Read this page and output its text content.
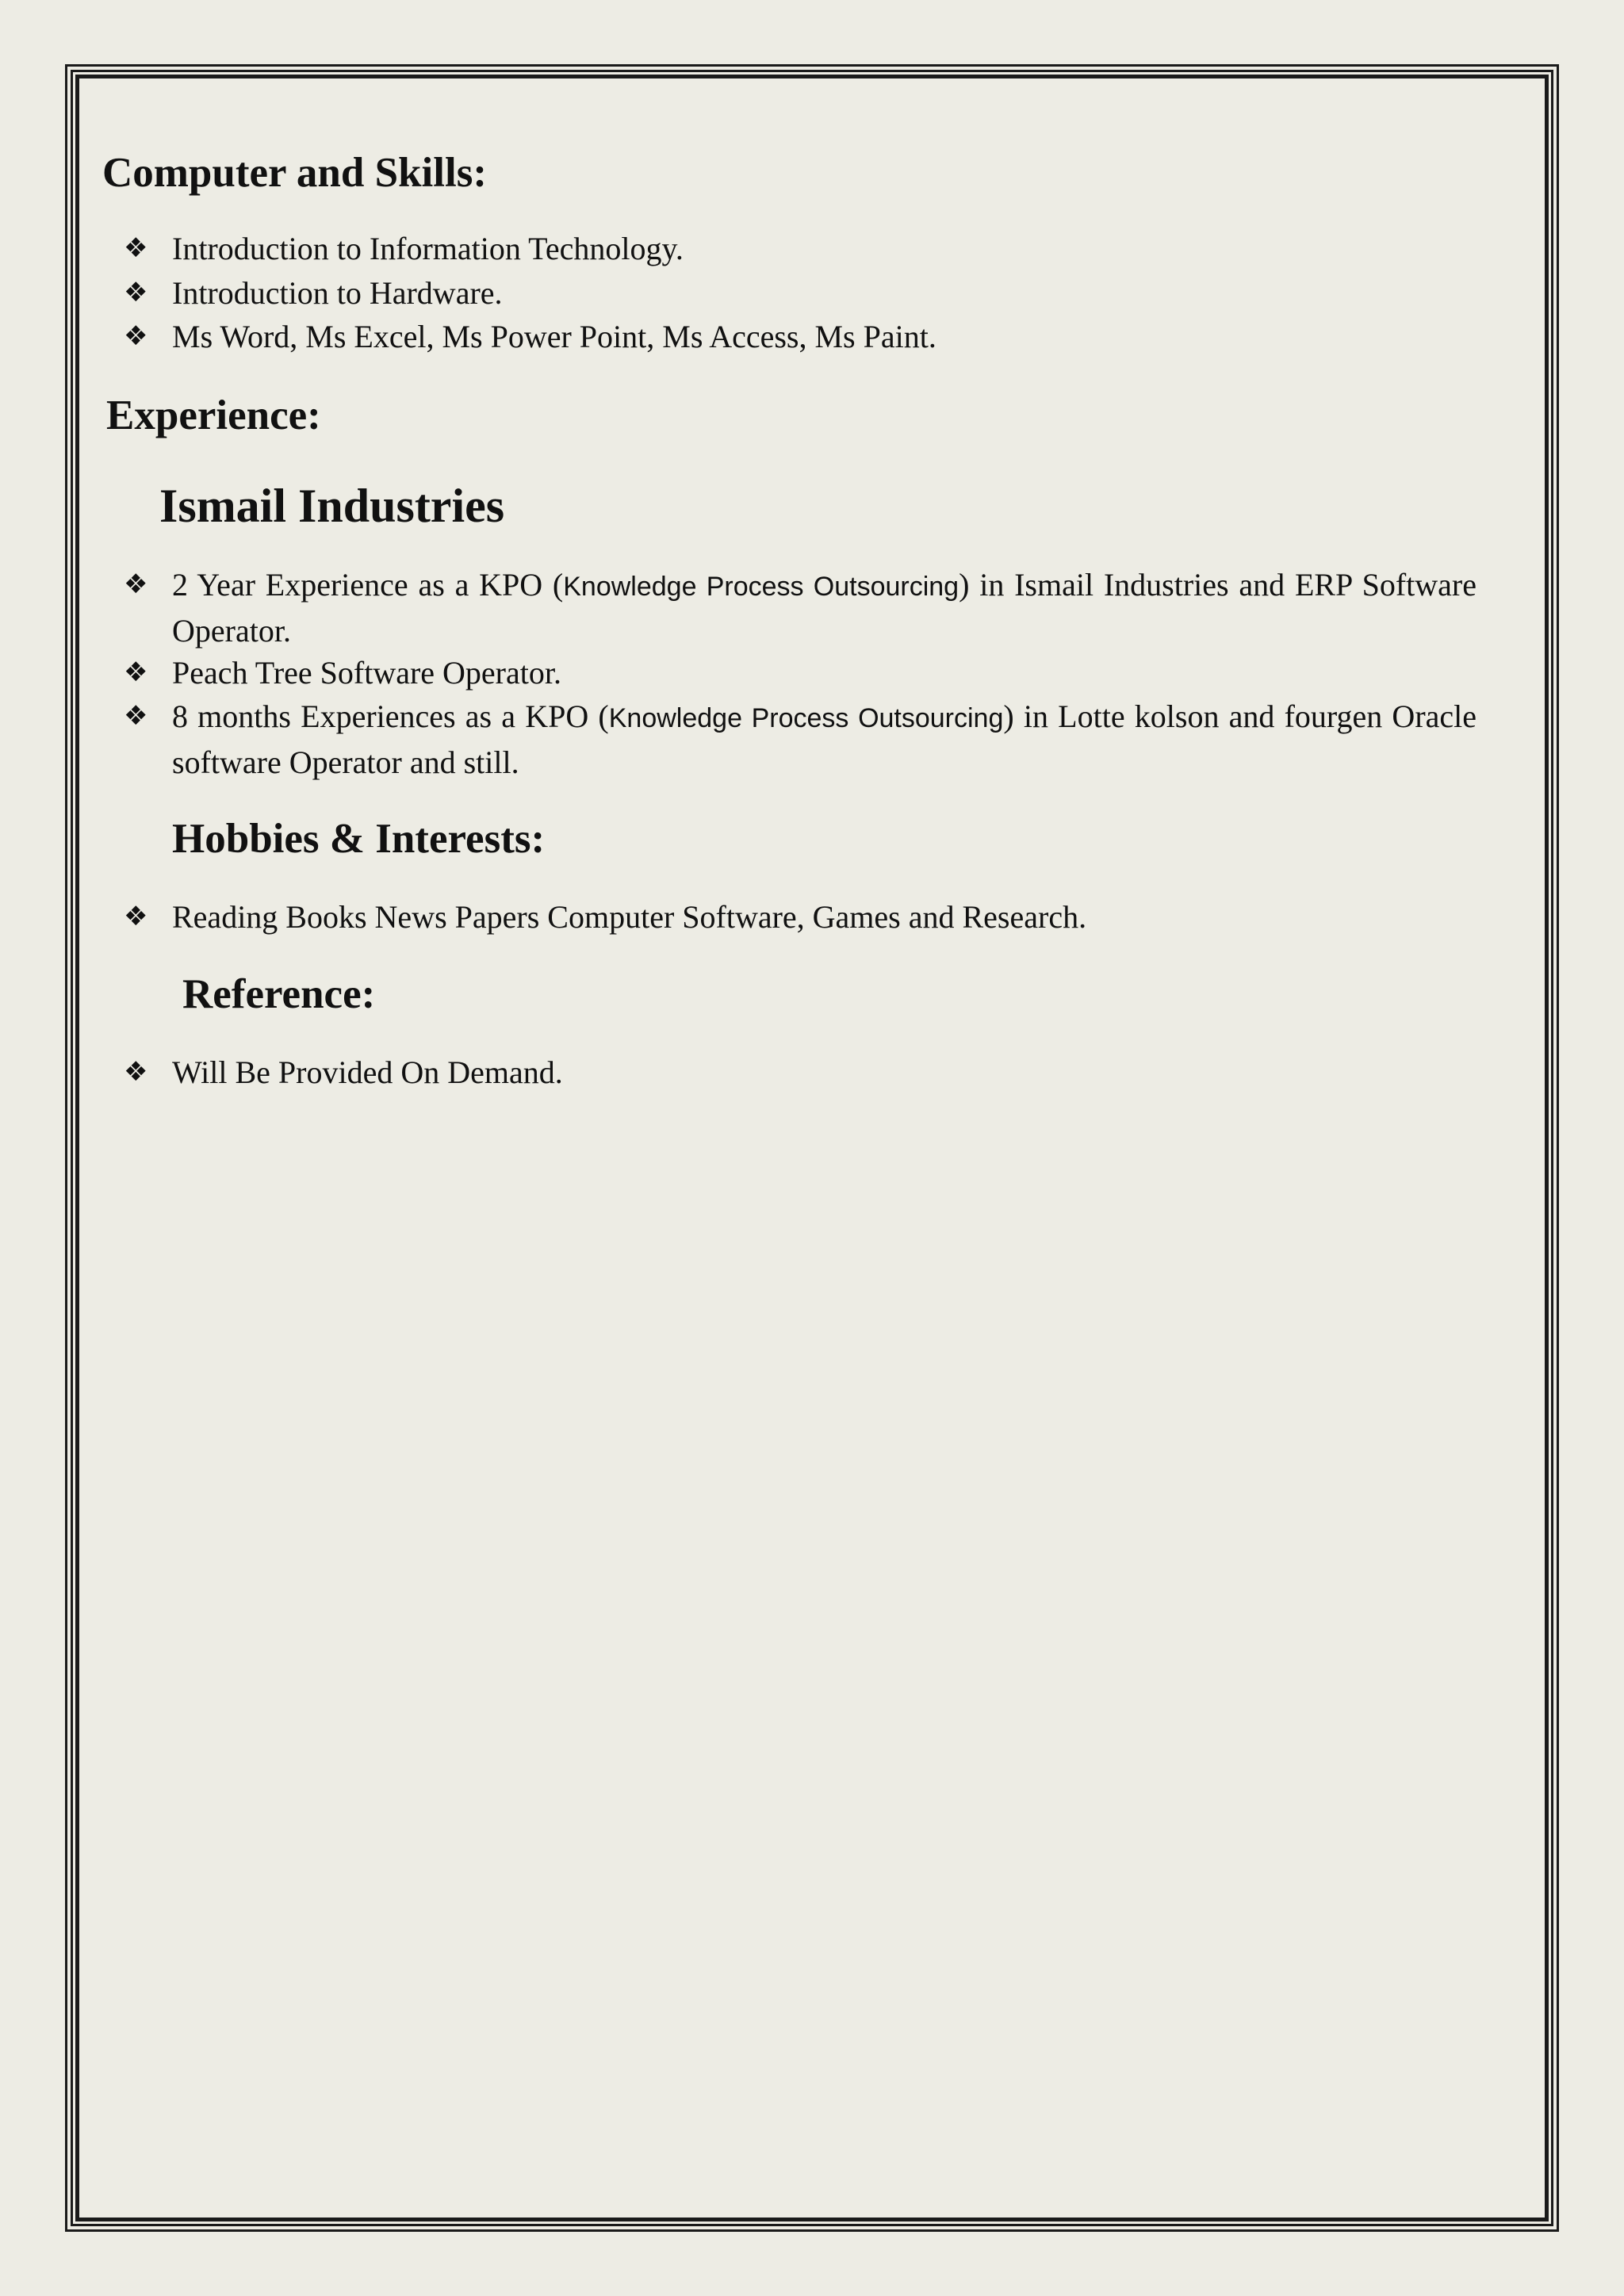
Computer and Skills:
❖ Introduction to Information Technology.
❖ Introduction to Hardware.
❖ Ms Word, Ms Excel, Ms Power Point, Ms Access, Ms Paint.
Experience:
Ismail Industries
❖ 2 Year Experience as a KPO (Knowledge Process Outsourcing) in Ismail Industries and ERP Software Operator.
❖ Peach Tree Software Operator.
❖ 8 months Experiences as a KPO (Knowledge Process Outsourcing) in Lotte kolson and fourgen Oracle software Operator and still.
Hobbies & Interests:
❖ Reading Books News Papers Computer Software, Games and Research.
Reference:
❖ Will Be Provided On Demand.
